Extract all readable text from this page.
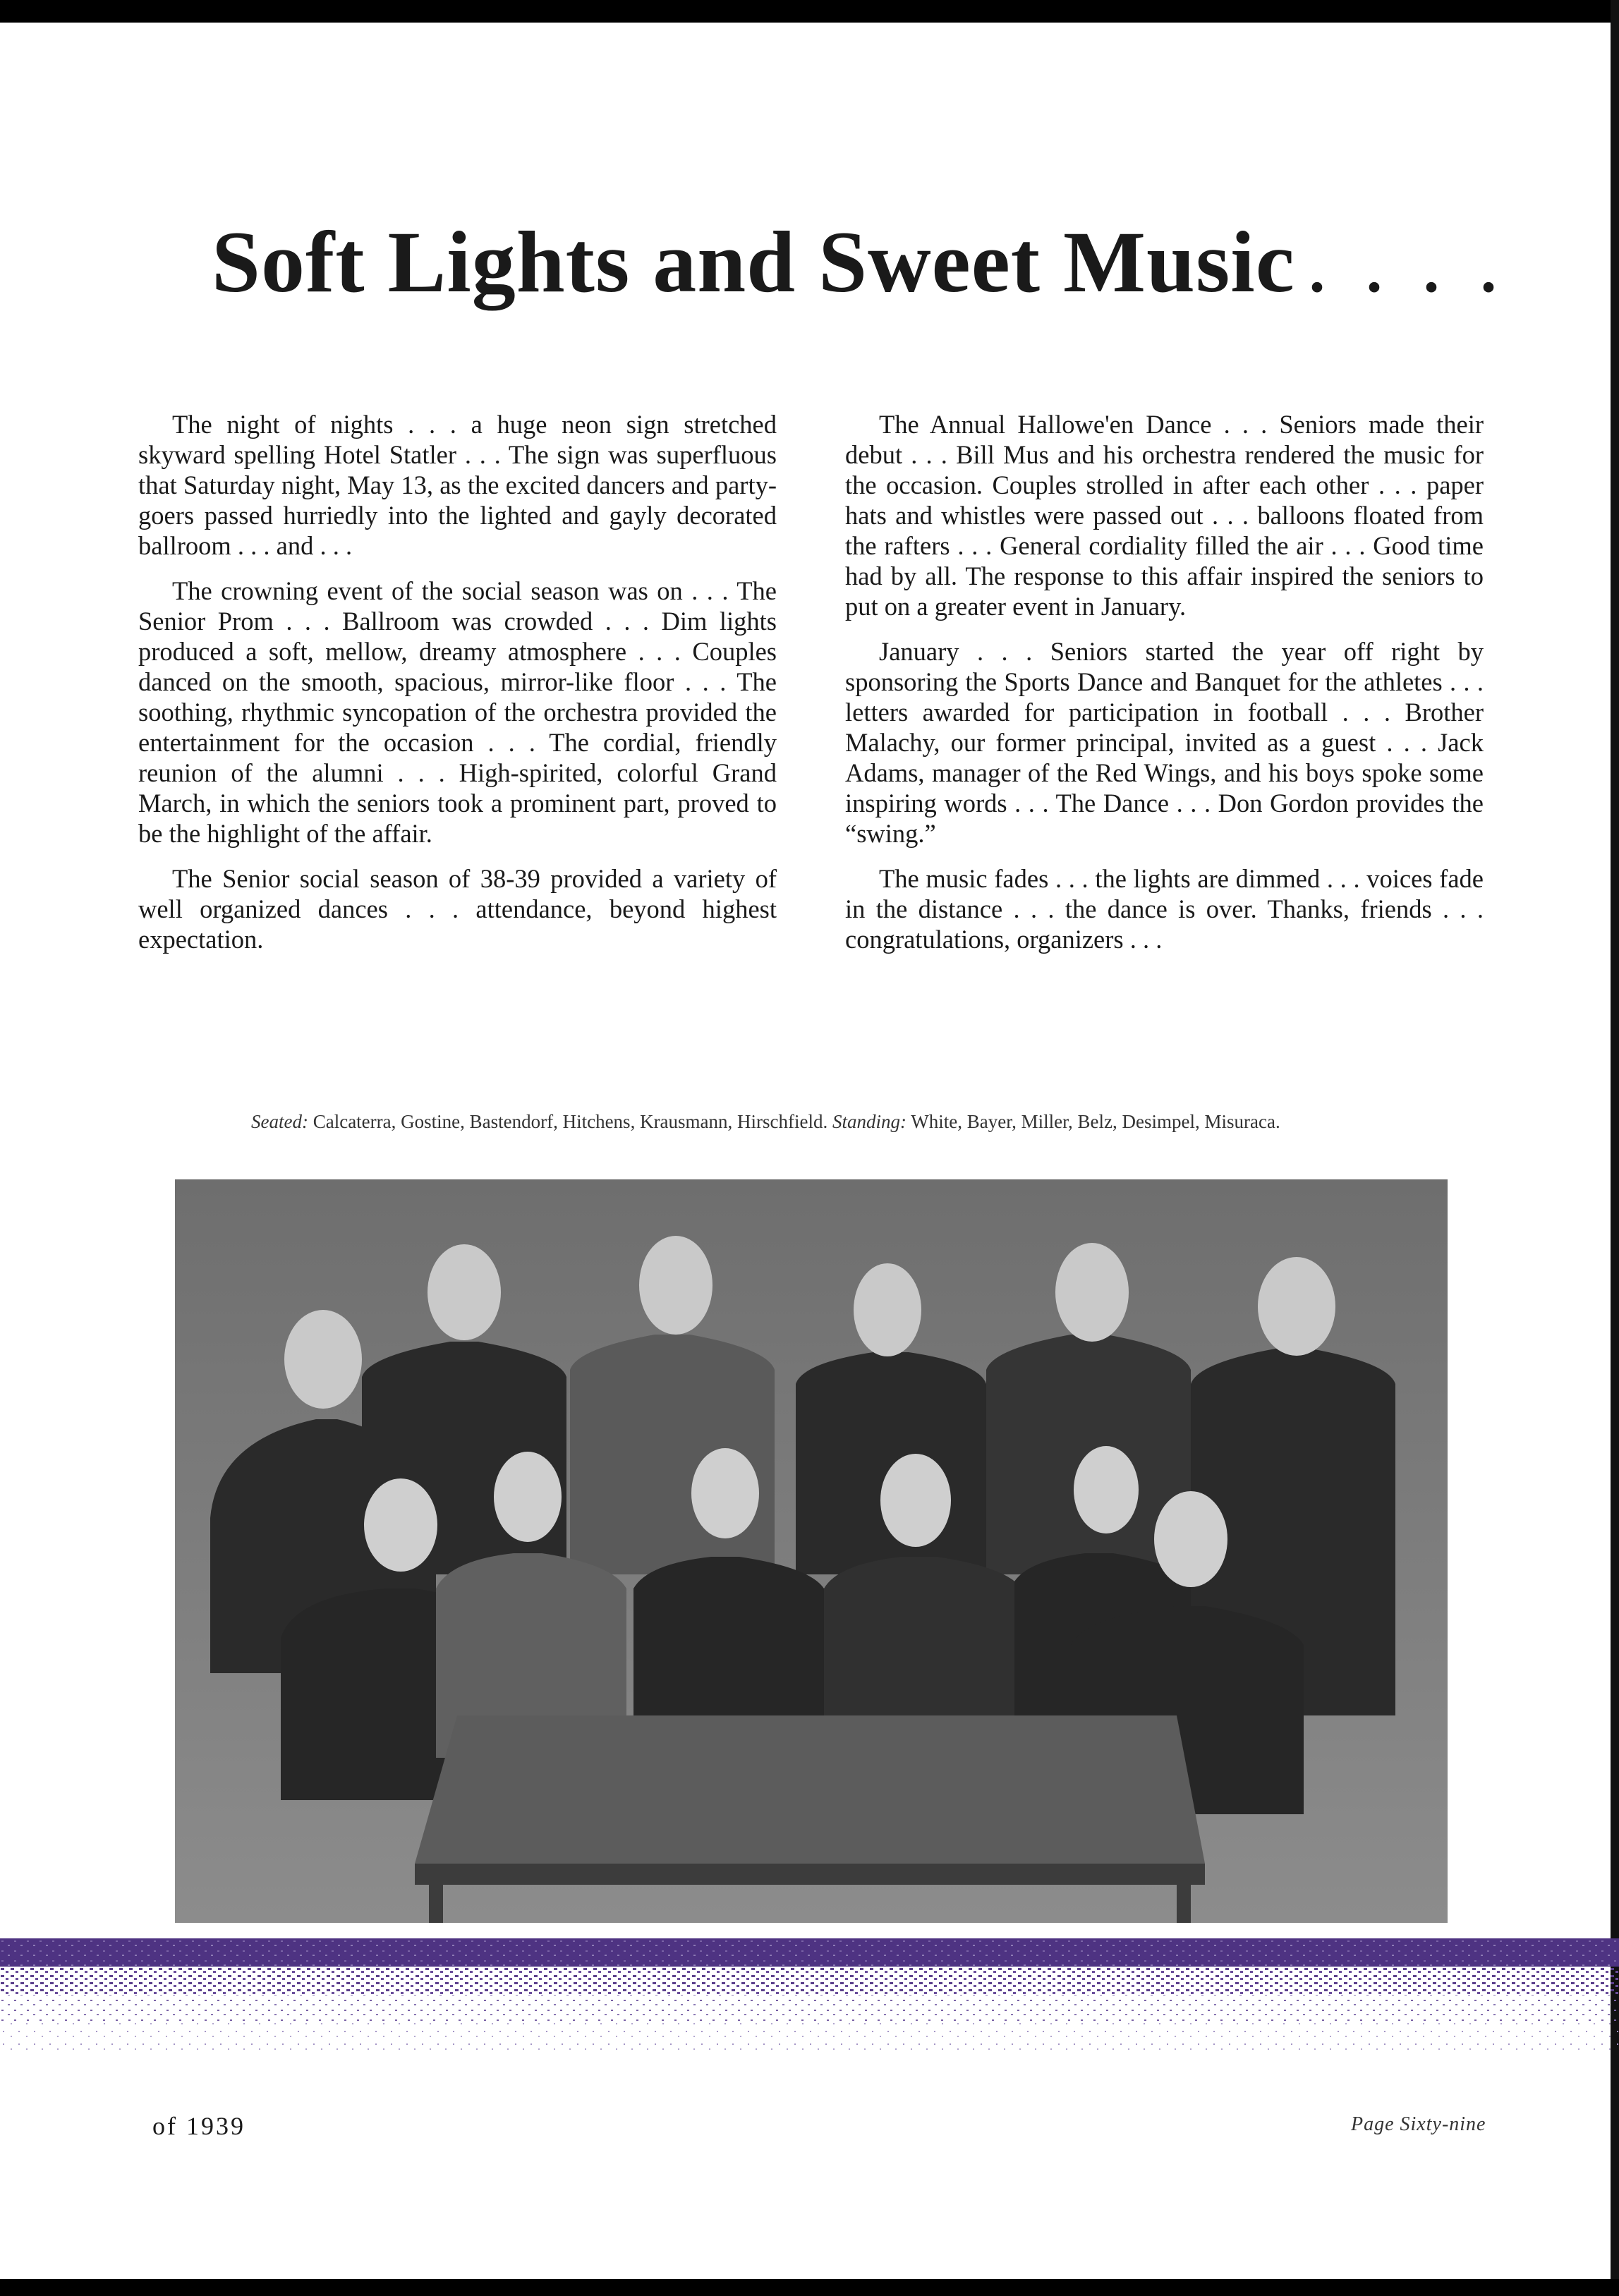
Soft Lights and Sweet Music . . . .

The night of nights . . . a huge neon sign stretched skyward spelling Hotel Statler . . . The sign was superfluous that Saturday night, May 13, as the excited dancers and party-goers passed hurriedly into the lighted and gayly decorated ballroom . . . and . . .

The crowning event of the social season was on . . . The Senior Prom . . . Ballroom was crowded . . . Dim lights produced a soft, mellow, dreamy atmosphere . . . Couples danced on the smooth, spacious, mirror-like floor . . . The soothing, rhythmic syncopation of the orchestra provided the entertainment for the occasion . . . The cordial, friendly reunion of the alumni . . . High-spirited, colorful Grand March, in which the seniors took a prominent part, proved to be the highlight of the affair.

The Senior social season of 38-39 provided a variety of well organized dances . . . attendance, beyond highest expectation.

The Annual Hallowe'en Dance . . . Seniors made their debut . . . Bill Mus and his orchestra rendered the music for the occasion. Couples strolled in after each other . . . paper hats and whistles were passed out . . . balloons floated from the rafters . . . General cordiality filled the air . . . Good time had by all. The response to this affair inspired the seniors to put on a greater event in January.

January . . . Seniors started the year off right by sponsoring the Sports Dance and Banquet for the athletes . . . letters awarded for participation in football . . . Brother Malachy, our former principal, invited as a guest . . . Jack Adams, manager of the Red Wings, and his boys spoke some inspiring words . . . The Dance . . . Don Gordon provides the “swing.”

The music fades . . . the lights are dimmed . . . voices fade in the distance . . . the dance is over. Thanks, friends . . . congratulations, organizers . . .

Seated: Calcaterra, Gostine, Bastendorf, Hitchens, Krausmann, Hirschfield. Standing: White, Bayer, Miller, Belz, Desimpel, Misuraca.
of 1939	Page Sixty-nine
